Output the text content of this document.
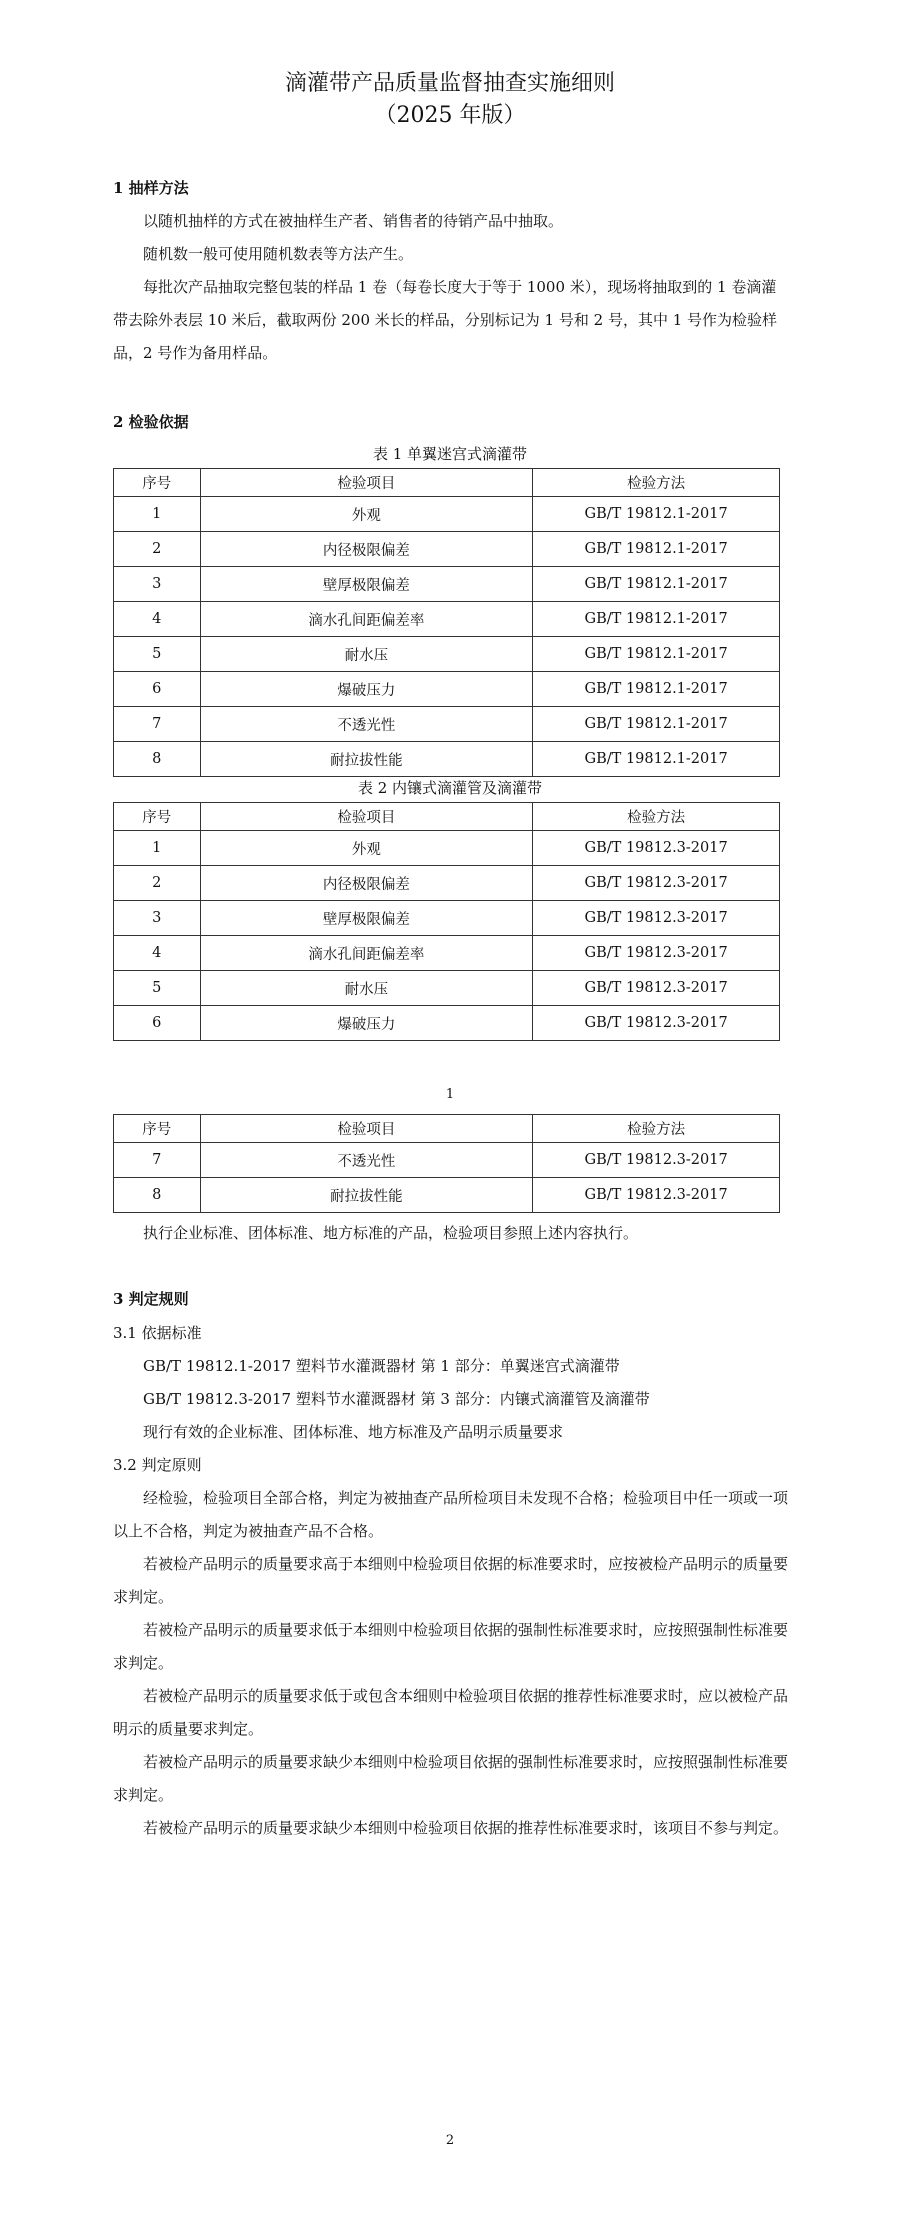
滴灌带产品质量监督抽查实施细则
（2025 年版）
1 抽样方法

以随机抽样的方式在被抽样生产者、销售者的待销产品中抽取。

随机数一般可使用随机数表等方法产生。

每批次产品抽取完整包装的样品 1 卷（每卷长度大于等于 1000 米），现场将抽取到的 1 卷滴灌带去除外表层 10 米后，截取两份 200 米长的样品，分别标记为 1 号和 2 号，其中 1 号作为检验样品，2 号作为备用样品。

2 检验依据
表 1 单翼迷宫式滴灌带
序号	检验项目	检验方法
1	外观	GB/T 19812.1-2017
2	内径极限偏差	GB/T 19812.1-2017
3	壁厚极限偏差	GB/T 19812.1-2017
4	滴水孔间距偏差率	GB/T 19812.1-2017
5	耐水压	GB/T 19812.1-2017
6	爆破压力	GB/T 19812.1-2017
7	不透光性	GB/T 19812.1-2017
8	耐拉拔性能	GB/T 19812.1-2017
表 2 内镶式滴灌管及滴灌带
序号	检验项目	检验方法
1	外观	GB/T 19812.3-2017
2	内径极限偏差	GB/T 19812.3-2017
3	壁厚极限偏差	GB/T 19812.3-2017
4	滴水孔间距偏差率	GB/T 19812.3-2017
5	耐水压	GB/T 19812.3-2017
6	爆破压力	GB/T 19812.3-2017
1
序号	检验项目	检验方法
7	不透光性	GB/T 19812.3-2017
8	耐拉拔性能	GB/T 19812.3-2017

执行企业标准、团体标准、地方标准的产品，检验项目参照上述内容执行。

3 判定规则
3.1 依据标准
GB/T 19812.1-2017 塑料节水灌溉器材 第 1 部分：单翼迷宫式滴灌带
GB/T 19812.3-2017 塑料节水灌溉器材 第 3 部分：内镶式滴灌管及滴灌带
现行有效的企业标准、团体标准、地方标准及产品明示质量要求
3.2 判定原则

经检验，检验项目全部合格，判定为被抽查产品所检项目未发现不合格；检验项目中任一项或一项以上不合格，判定为被抽查产品不合格。

若被检产品明示的质量要求高于本细则中检验项目依据的标准要求时，应按被检产品明示的质量要求判定。

若被检产品明示的质量要求低于本细则中检验项目依据的强制性标准要求时，应按照强制性标准要求判定。

若被检产品明示的质量要求低于或包含本细则中检验项目依据的推荐性标准要求时，应以被检产品明示的质量要求判定。

若被检产品明示的质量要求缺少本细则中检验项目依据的强制性标准要求时，应按照强制性标准要求判定。

若被检产品明示的质量要求缺少本细则中检验项目依据的推荐性标准要求时，该项目不参与判定。

2
